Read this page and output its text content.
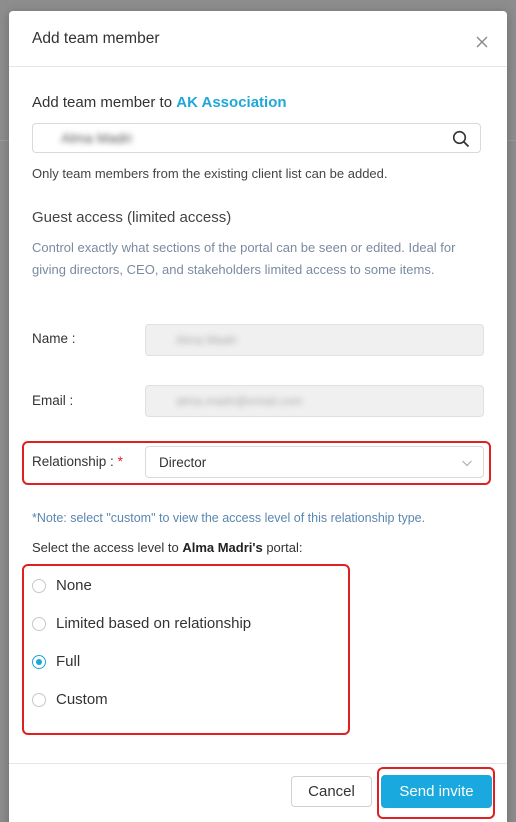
Add team member
Add team member to AK Association
Alma Madri
Only team members from the existing client list can be added.
Guest access (limited access)
Control exactly what sections of the portal can be seen or edited. Ideal for giving directors, CEO, and stakeholders limited access to some items.
Name :	Alma Madri
Email :	alma.madri@email.com
Relationship : *	Director
*Note: select "custom" to view the access level of this relationship type.
Select the access level to Alma Madri's portal:
None
Limited based on relationship
Full
Custom
Cancel	Send invite
